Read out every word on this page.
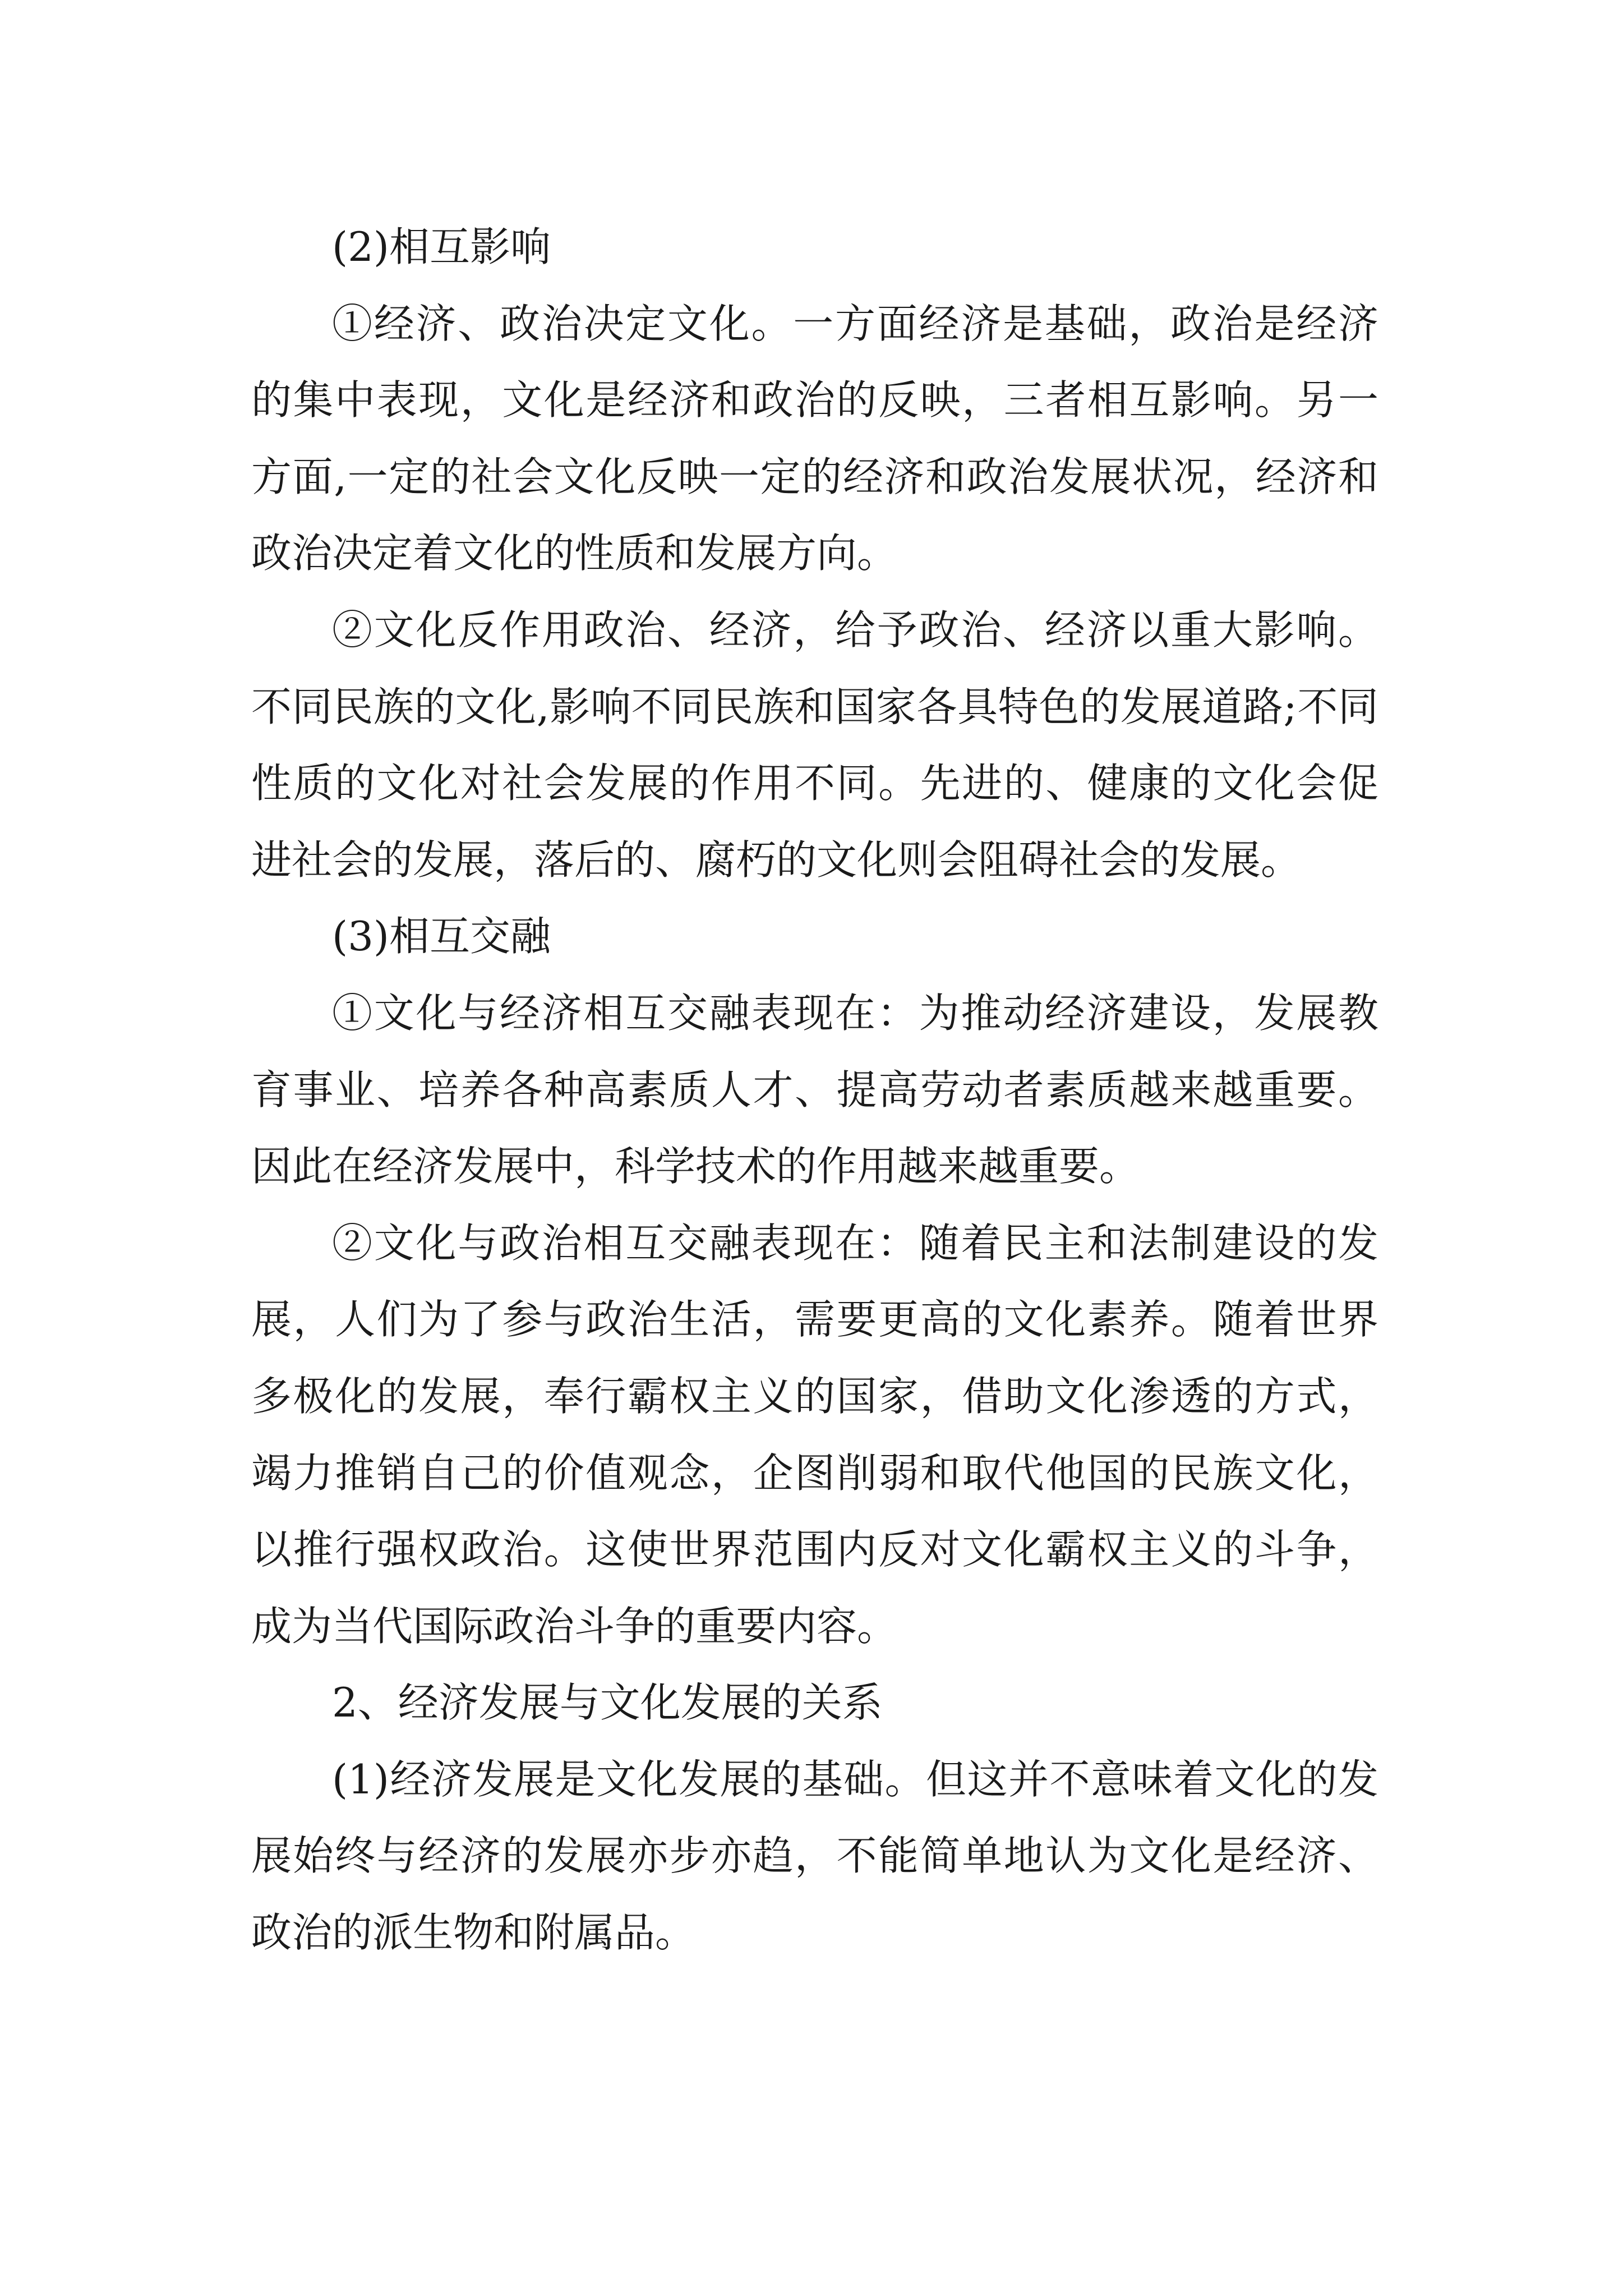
(2)相互影响

①经济、政治决定文化。一方面经济是基础，政治是经济的集中表现，文化是经济和政治的反映，三者相互影响。另一方面,一定的社会文化反映一定的经济和政治发展状况，经济和政治决定着文化的性质和发展方向。

②文化反作用政治、经济，给予政治、经济以重大影响。不同民族的文化,影响不同民族和国家各具特色的发展道路;不同性质的文化对社会发展的作用不同。先进的、健康的文化会促进社会的发展，落后的、腐朽的文化则会阻碍社会的发展。

(3)相互交融

①文化与经济相互交融表现在：为推动经济建设，发展教育事业、培养各种高素质人才、提高劳动者素质越来越重要。因此在经济发展中，科学技术的作用越来越重要。

②文化与政治相互交融表现在：随着民主和法制建设的发展，人们为了参与政治生活，需要更高的文化素养。随着世界多极化的发展，奉行霸权主义的国家，借助文化渗透的方式，竭力推销自己的价值观念，企图削弱和取代他国的民族文化，以推行强权政治。这使世界范围内反对文化霸权主义的斗争，成为当代国际政治斗争的重要内容。

2、经济发展与文化发展的关系

(1)经济发展是文化发展的基础。但这并不意味着文化的发展始终与经济的发展亦步亦趋，不能简单地认为文化是经济、政治的派生物和附属品。
